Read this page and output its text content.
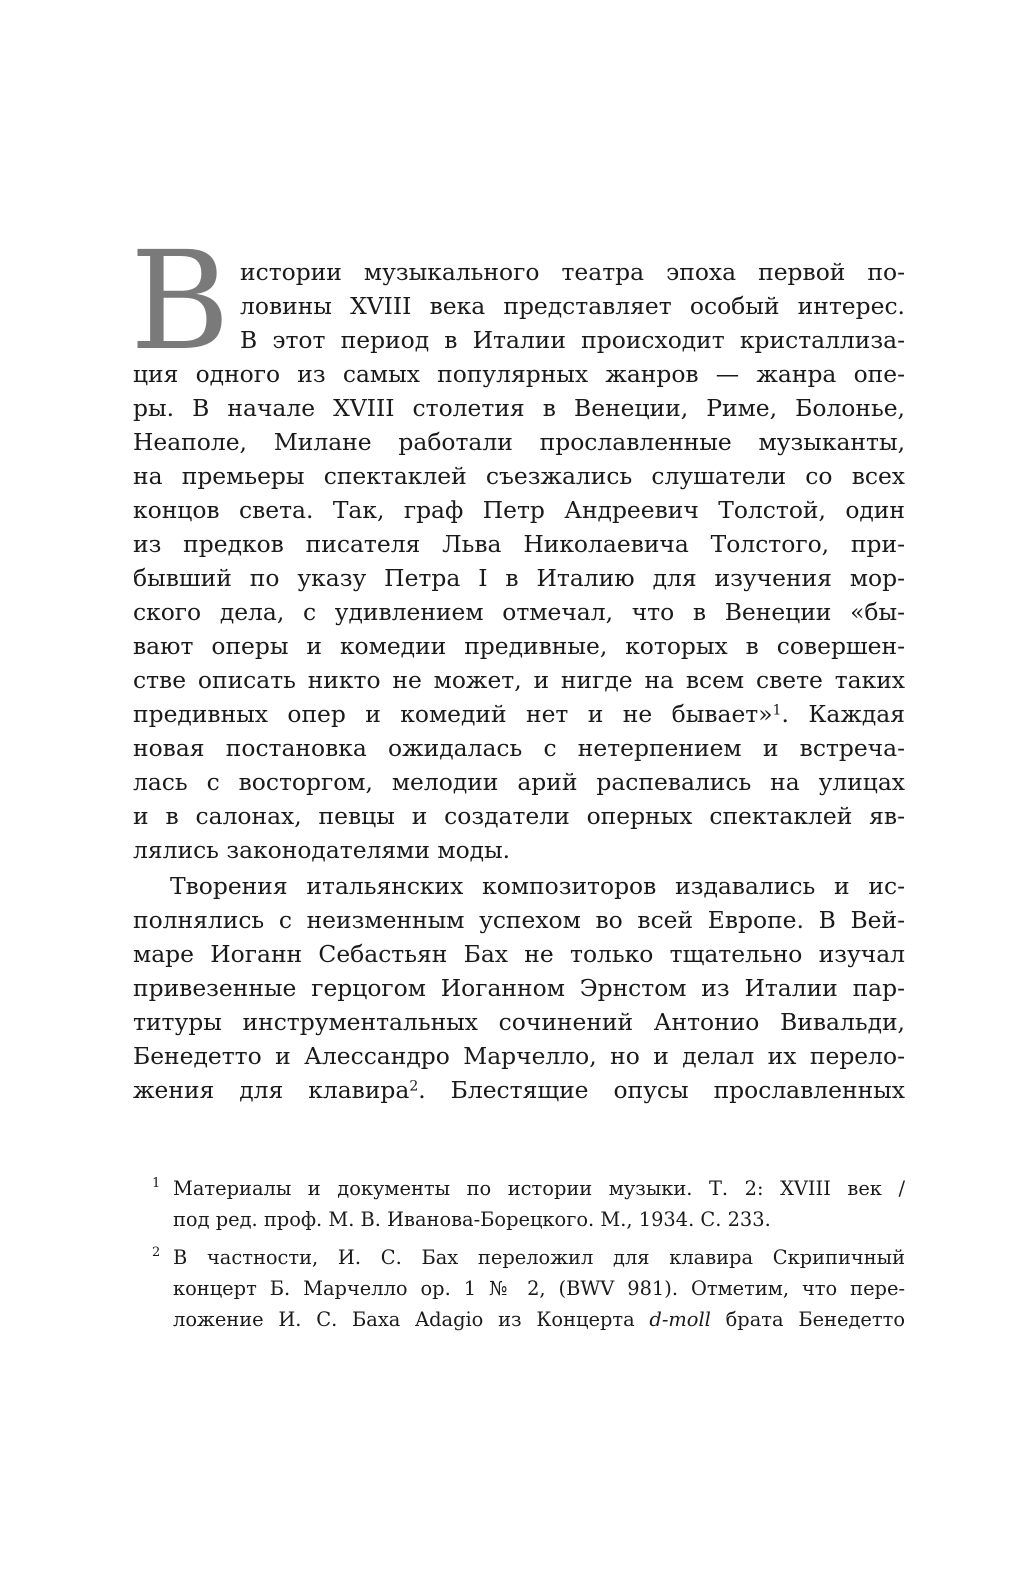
В истории музыкального театра эпоха первой по-

ловины XVIII века представляет особый интерес.

В этот период в Италии происходит кристаллиза-

ция одного из самых популярных жанров — жанра опе-

ры. В начале XVIII столетия в Венеции, Риме, Болонье,

Неаполе, Милане работали прославленные музыканты,

на премьеры спектаклей съезжались слушатели со всех

концов света. Так, граф Петр Андреевич Толстой, один

из предков писателя Льва Николаевича Толстого, при-

бывший по указу Петра I в Италию для изучения мор-

ского дела, с удивлением отмечал, что в Венеции «бы-

вают оперы и комедии предивные, которых в совершен-

стве описать никто не может, и нигде на всем свете таких

предивных опер и комедий нет и не бывает»$^1$. Каждая

новая постановка ожидалась с нетерпением и встреча-

лась с восторгом, мелодии арий распевались на улицах

и в салонах, певцы и создатели оперных спектаклей яв-

лялись законодателями моды.

Творения итальянских композиторов издавались и ис-

полнялись с неизменным успехом во всей Европе. В Вей-

маре Иоганн Себастьян Бах не только тщательно изучал

привезенные герцогом Иоганном Эрнстом из Италии пар-

титуры инструментальных сочинений Антонио Вивальди,

Бенедетто и Алессандро Марчелло, но и делал их перело-

жения для клавира$^2$. Блестящие опусы прославленных

1 Материалы и документы по истории музыки. Т. 2: XVIII век /

под ред. проф. М. В. Иванова-Борецкого. М., 1934. С. 233.

2 В частности, И. С. Бах переложил для клавира Скрипичный

концерт Б. Марчелло ор. 1 № 2, (BWV 981). Отметим, что пере-

ложение И. С. Баха Adagio из Концерта d-moll брата Бенедетто
